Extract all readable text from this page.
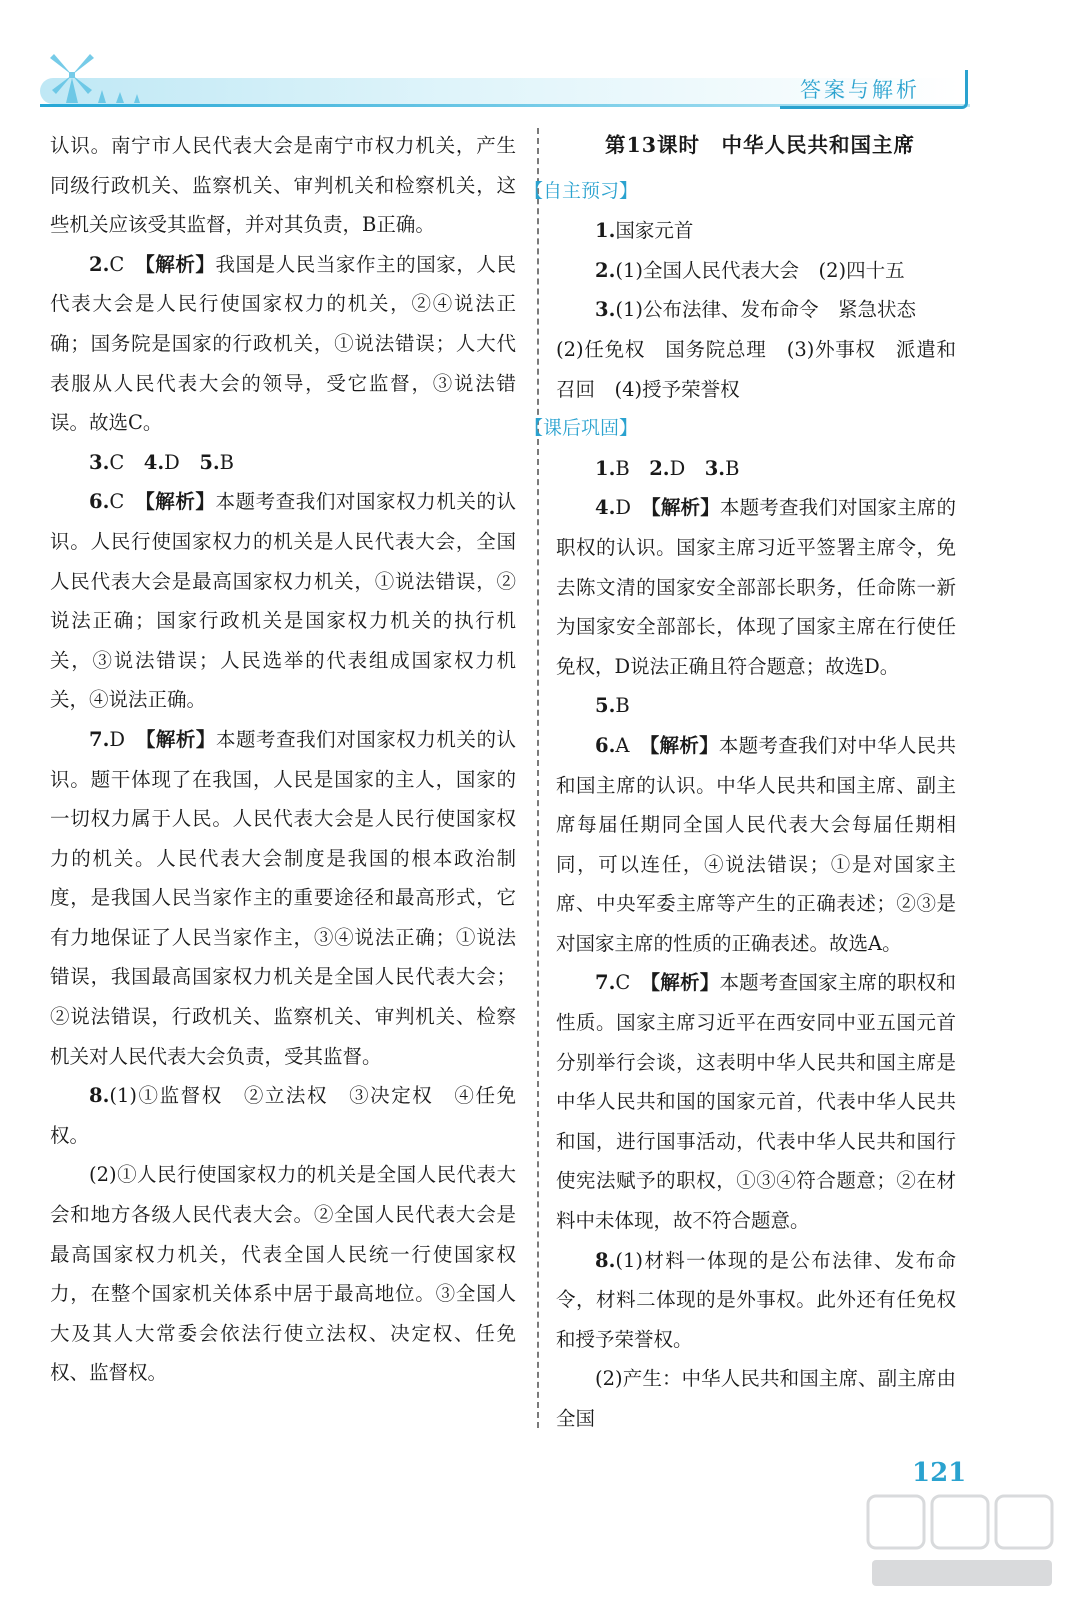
答案与解析

认识。南宁市人民代表大会是南宁市权力机关，产生同级行政机关、监察机关、审判机关和检察机关，这些机关应该受其监督，并对其负责，B正确。

2.C　 【解析】我国是人民当家作主的国家，人民代表大会是人民行使国家权力的机关，②④说法正确；国务院是国家的行政机关，①说法错误；人大代表服从人民代表大会的领导，受它监督，③说法错误。故选C。

3.C　 4.D　 5.B

6.C　 【解析】本题考查我们对国家权力机关的认识。人民行使国家权力的机关是人民代表大会，全国人民代表大会是最高国家权力机关，①说法错误，②说法正确；国家行政机关是国家权力机关的执行机关，③说法错误；人民选举的代表组成国家权力机关，④说法正确。

7.D　 【解析】本题考查我们对国家权力机关的认识。题干体现了在我国，人民是国家的主人，国家的一切权力属于人民。人民代表大会是人民行使国家权力的机关。人民代表大会制度是我国的根本政治制度，是我国人民当家作主的重要途径和最高形式，它有力地保证了人民当家作主，③④说法正确；①说法错误，我国最高国家权力机关是全国人民代表大会；②说法错误，行政机关、监察机关、审判机关、检察机关对人民代表大会负责，受其监督。

8.(1)①监督权　②立法权　③决定权　④任免权。

(2)①人民行使国家权力的机关是全国人民代表大会和地方各级人民代表大会。②全国人民代表大会是最高国家权力机关，代表全国人民统一行使国家权力，在整个国家机关体系中居于最高地位。③全国人大及其人大常委会依法行使立法权、决定权、任免权、监督权。

第13课时　中华人民共和国主席

【自主预习】

1.国家元首

2.(1)全国人民代表大会　(2)四十五

3.(1)公布法律、发布命令　紧急状态

(2)任免权　国务院总理　(3)外事权　派遣和召回　(4)授予荣誉权

【课后巩固】

1.B　 2.D　 3.B

4.D　 【解析】本题考查我们对国家主席的职权的认识。国家主席习近平签署主席令，免去陈文清的国家安全部部长职务，任命陈一新为国家安全部部长，体现了国家主席在行使任免权，D说法正确且符合题意；故选D。

5.B

6.A　 【解析】本题考查我们对中华人民共和国主席的认识。中华人民共和国主席、副主席每届任期同全国人民代表大会每届任期相同，可以连任，④说法错误；①是对国家主席、中央军委主席等产生的正确表述；②③是对国家主席的性质的正确表述。故选A。

7.C　 【解析】本题考查国家主席的职权和性质。国家主席习近平在西安同中亚五国元首分别举行会谈，这表明中华人民共和国主席是中华人民共和国的国家元首，代表中华人民共和国，进行国事活动，代表中华人民共和国行使宪法赋予的职权，①③④符合题意；②在材料中未体现，故不符合题意。

8.(1)材料一体现的是公布法律、发布命令，材料二体现的是外事权。此外还有任免权和授予荣誉权。

(2)产生：中华人民共和国主席、副主席由全国

121
